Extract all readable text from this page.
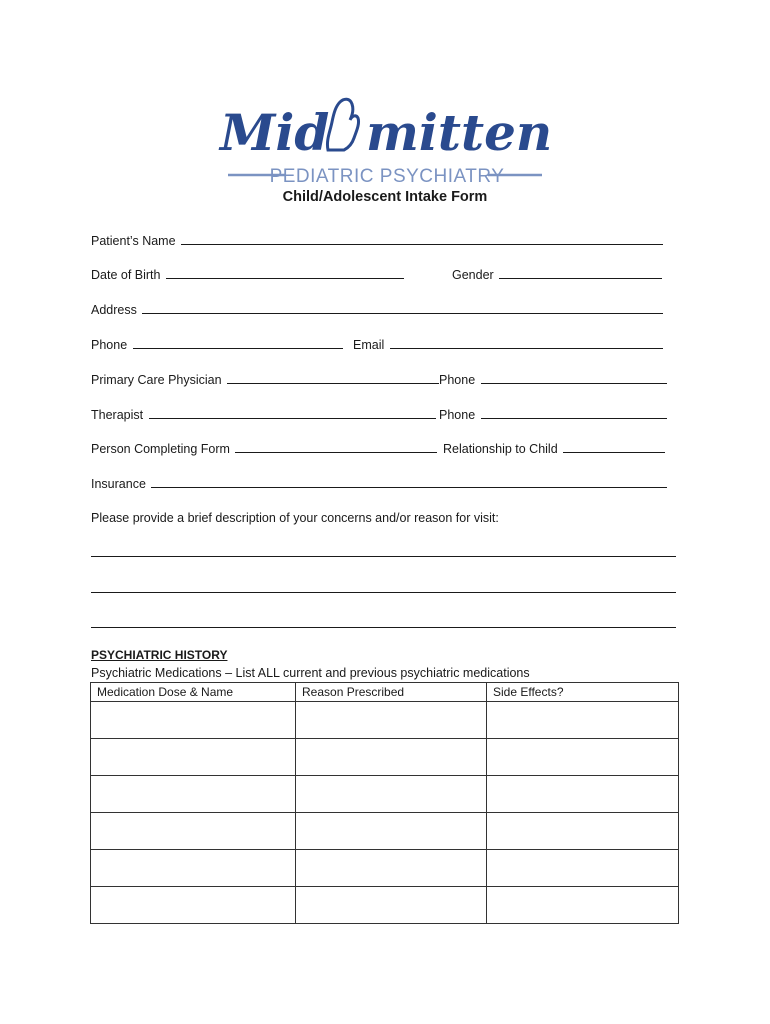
Mid mitten
PEDIATRIC PSYCHIATRY
Child/Adolescent Intake Form
Patient’s Name
Date of Birth	Gender
Address
Phone	Email
Primary Care Physician	Phone
Therapist	Phone
Person Completing Form	Relationship to Child
Insurance
Please provide a brief description of your concerns and/or reason for visit:
PSYCHIATRIC HISTORY
Psychiatric Medications – List ALL current and previous psychiatric medications
Medication Dose & Name	Reason Prescribed	Side Effects?
